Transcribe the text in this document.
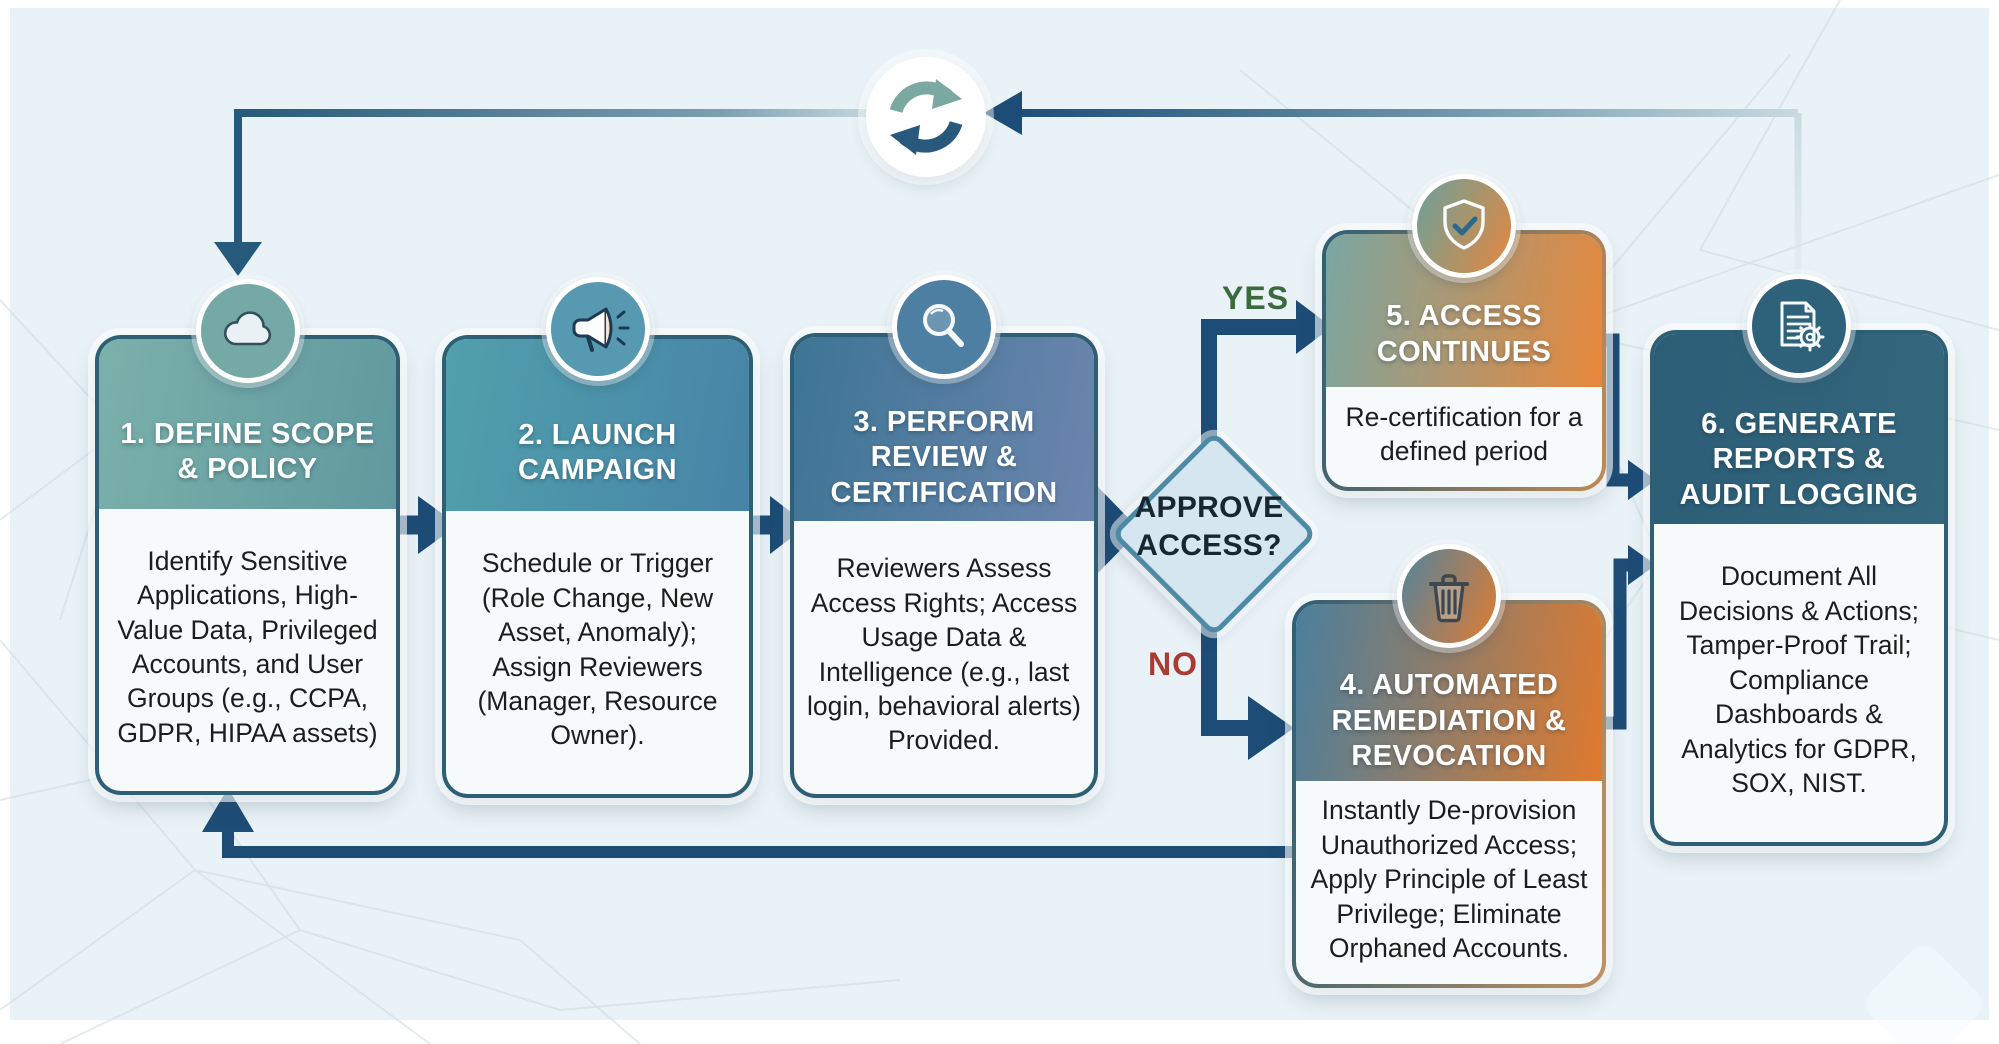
1. DEFINE SCOPE & POLICY
Identify Sensitive Applications, High-Value Data, Privileged Accounts, and User Groups (e.g., CCPA, GDPR, HIPAA assets)
2. LAUNCH CAMPAIGN
Schedule or Trigger (Role Change, New Asset, Anomaly); Assign Reviewers (Manager, Resource Owner).
3. PERFORM REVIEW & CERTIFICATION
Reviewers Assess Access Rights; Access Usage Data & Intelligence (e.g., last login, behavioral alerts) Provided.
5. ACCESS CONTINUES
Re-certification for a defined period
4. AUTOMATED REMEDIATION & REVOCATION
Instantly De-provision Unauthorized Access; Apply Principle of Least Privilege; Eliminate Orphaned Accounts.
6. GENERATE REPORTS & AUDIT LOGGING
Document All Decisions & Actions; Tamper-Proof Trail; Compliance Dashboards & Analytics for GDPR, SOX, NIST.
APPROVE ACCESS?
YES
NO
